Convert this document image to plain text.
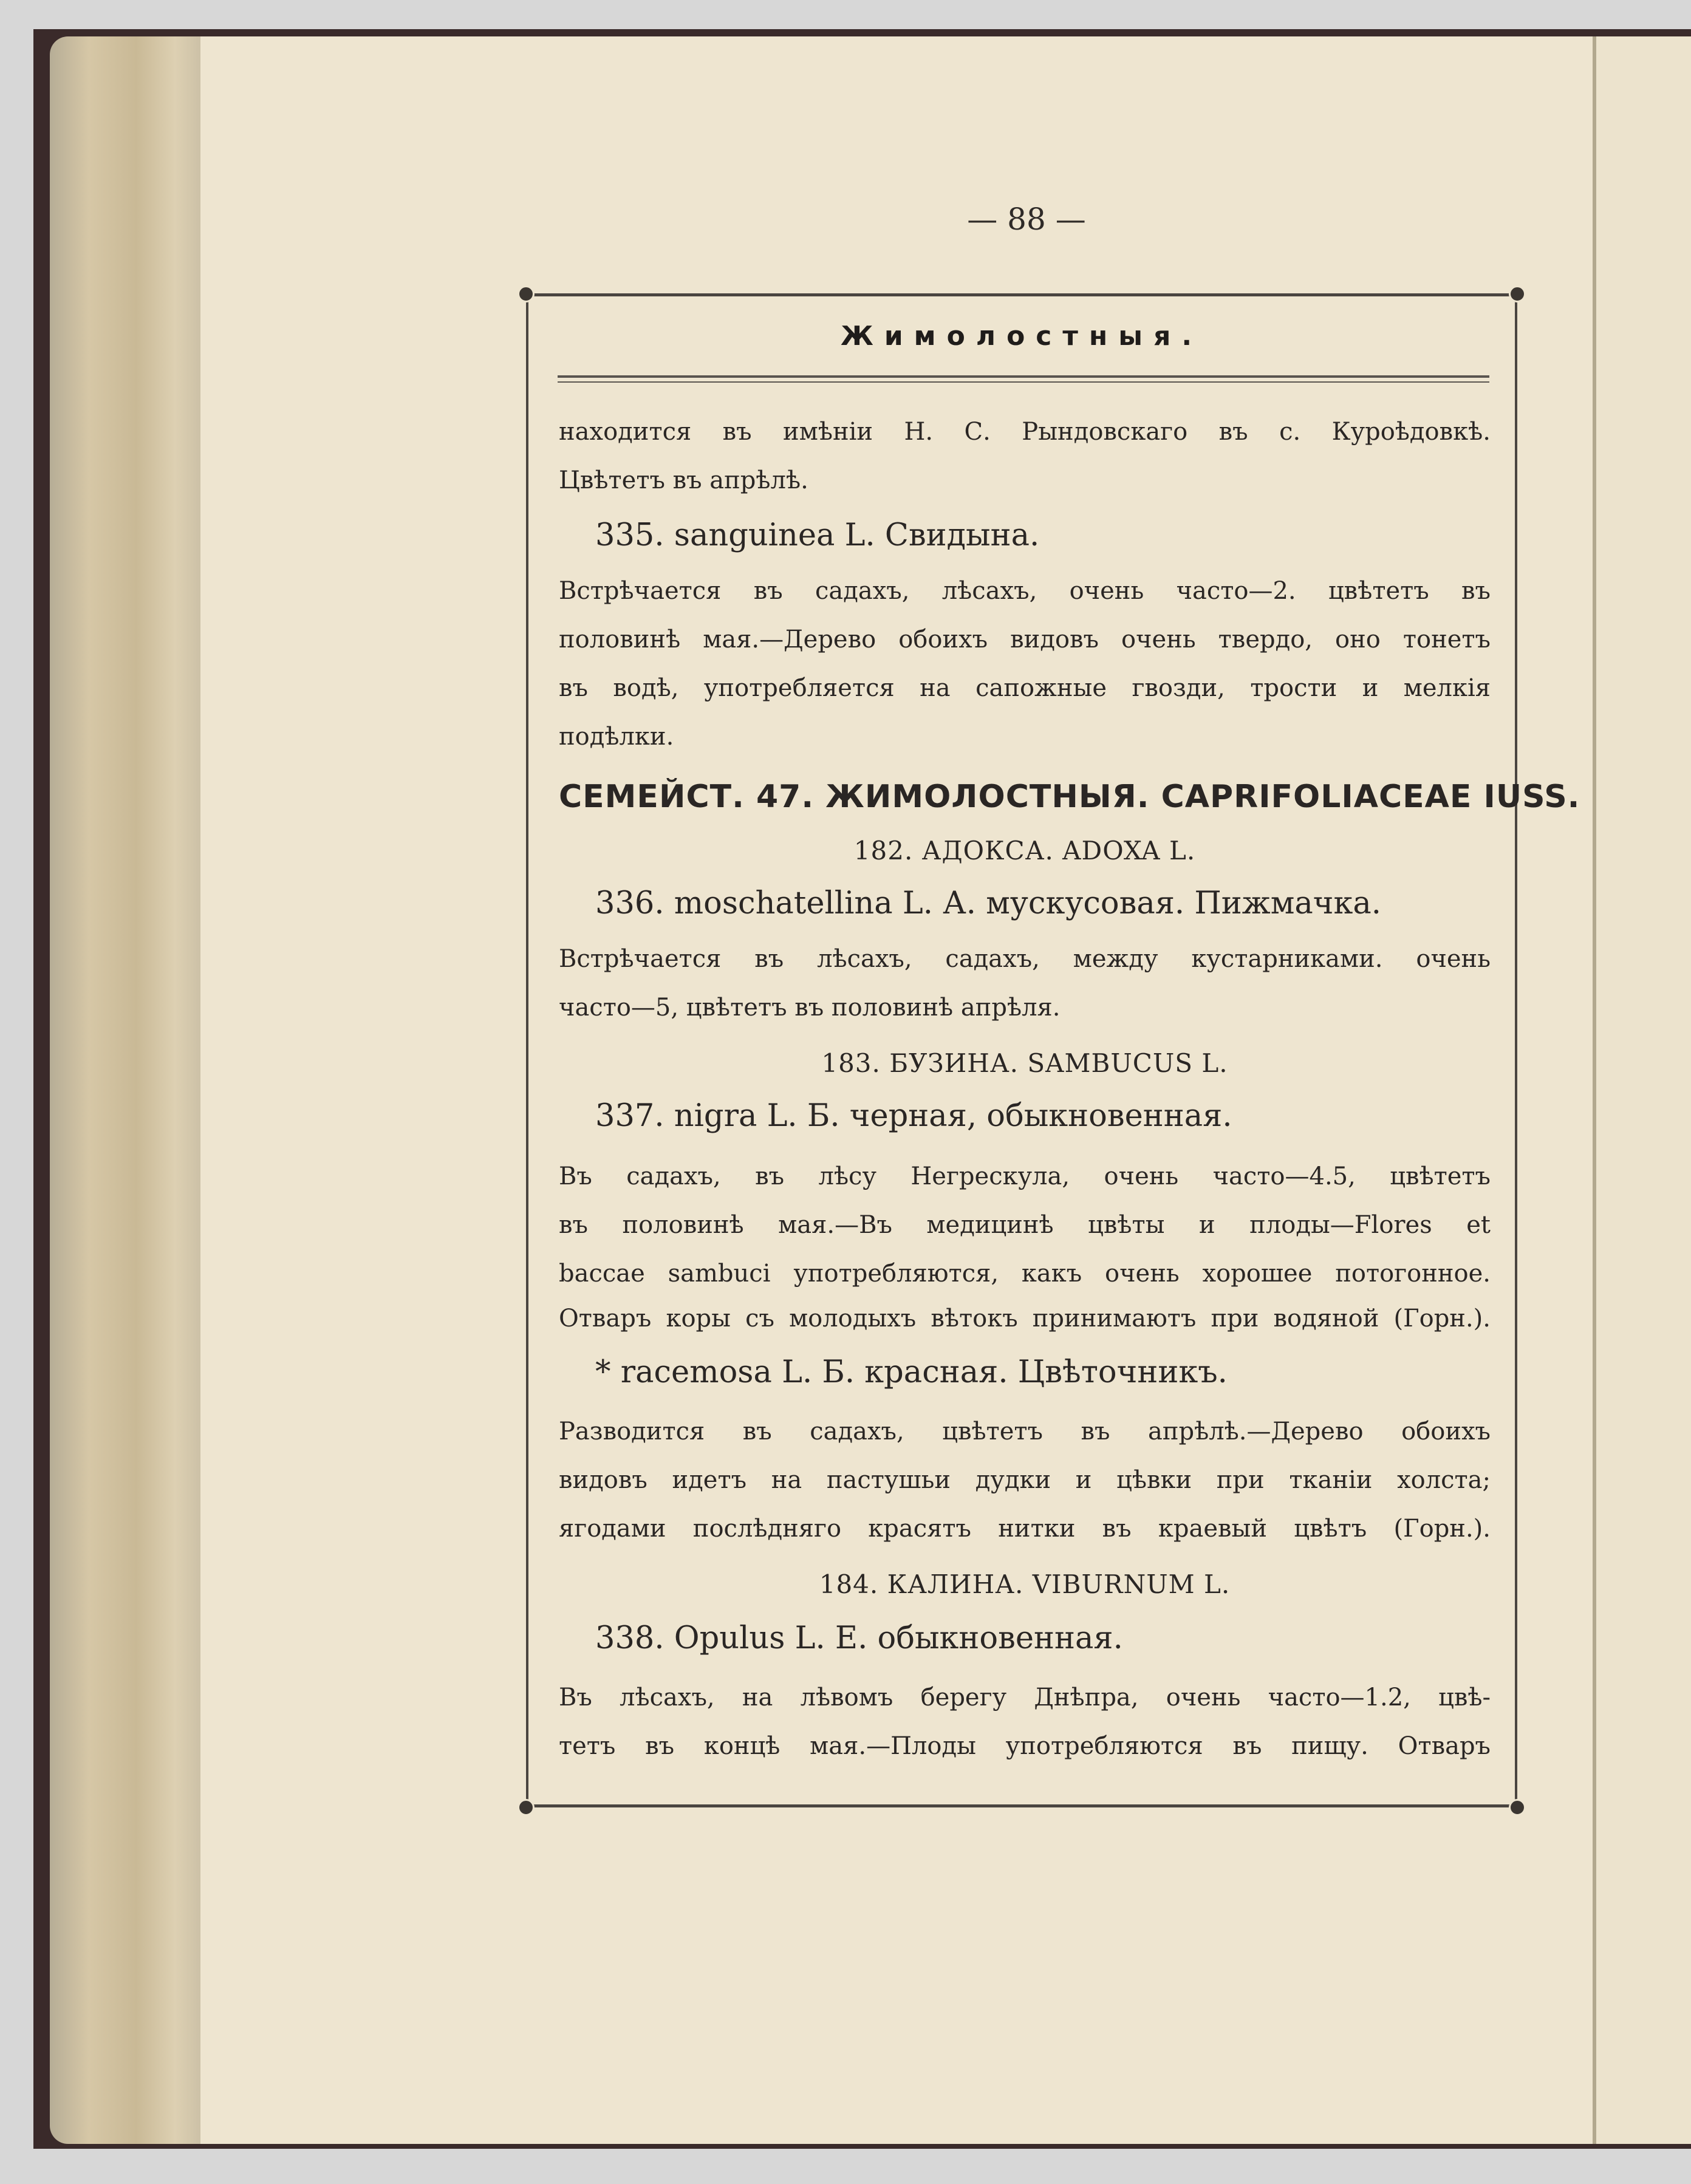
— 88 —
Жимолостныя.
находится въ имѣніи Н. С. Рындовскаго въ с. Куроѣдовкѣ.
Цвѣтетъ въ апрѣлѣ.
335. sanguinea L. Свидына.
Встрѣчается въ садахъ, лѣсахъ, очень часто—2. цвѣтетъ въ
половинѣ мая.—Дерево обоихъ видовъ очень твердо, оно тонетъ
въ водѣ, употребляется на сапожные гвозди, трости и мелкія
подѣлки.
СЕМЕЙСТ. 47. ЖИМОЛОСТНЫЯ. CAPRIFOLIACEAE IUSS.
182. АДОКСА. ADOXA L.
336. moschatellina L. А. мускусовая. Пижмачка.
Встрѣчается въ лѣсахъ, садахъ, между кустарниками. очень
часто—5, цвѣтетъ въ половинѣ апрѣля.
183. БУЗИНА. SAMBUCUS L.
337. nigra L. Б. черная, обыкновенная.
Въ садахъ, въ лѣсу Негрескула, очень часто—4.5, цвѣтетъ
въ половинѣ мая.—Въ медицинѣ цвѣты и плоды—Flores et
baccae sambuci употребляются, какъ очень хорошее потогонное.
Отваръ коры съ молодыхъ вѣтокъ принимаютъ при водяной (Горн.).
* racemosa L. Б. красная. Цвѣточникъ.
Разводится въ садахъ, цвѣтетъ въ апрѣлѣ.—Дерево обоихъ
видовъ идетъ на пастушьи дудки и цѣвки при тканіи холста;
ягодами послѣдняго красятъ нитки въ краевый цвѣтъ (Горн.).
184. КАЛИНА. VIBURNUM L.
338. Opulus L. Е. обыкновенная.
Въ лѣсахъ, на лѣвомъ берегу Днѣпра, очень часто—1.2, цвѣ-
тетъ въ концѣ мая.—Плоды употребляются въ пищу. Отваръ
